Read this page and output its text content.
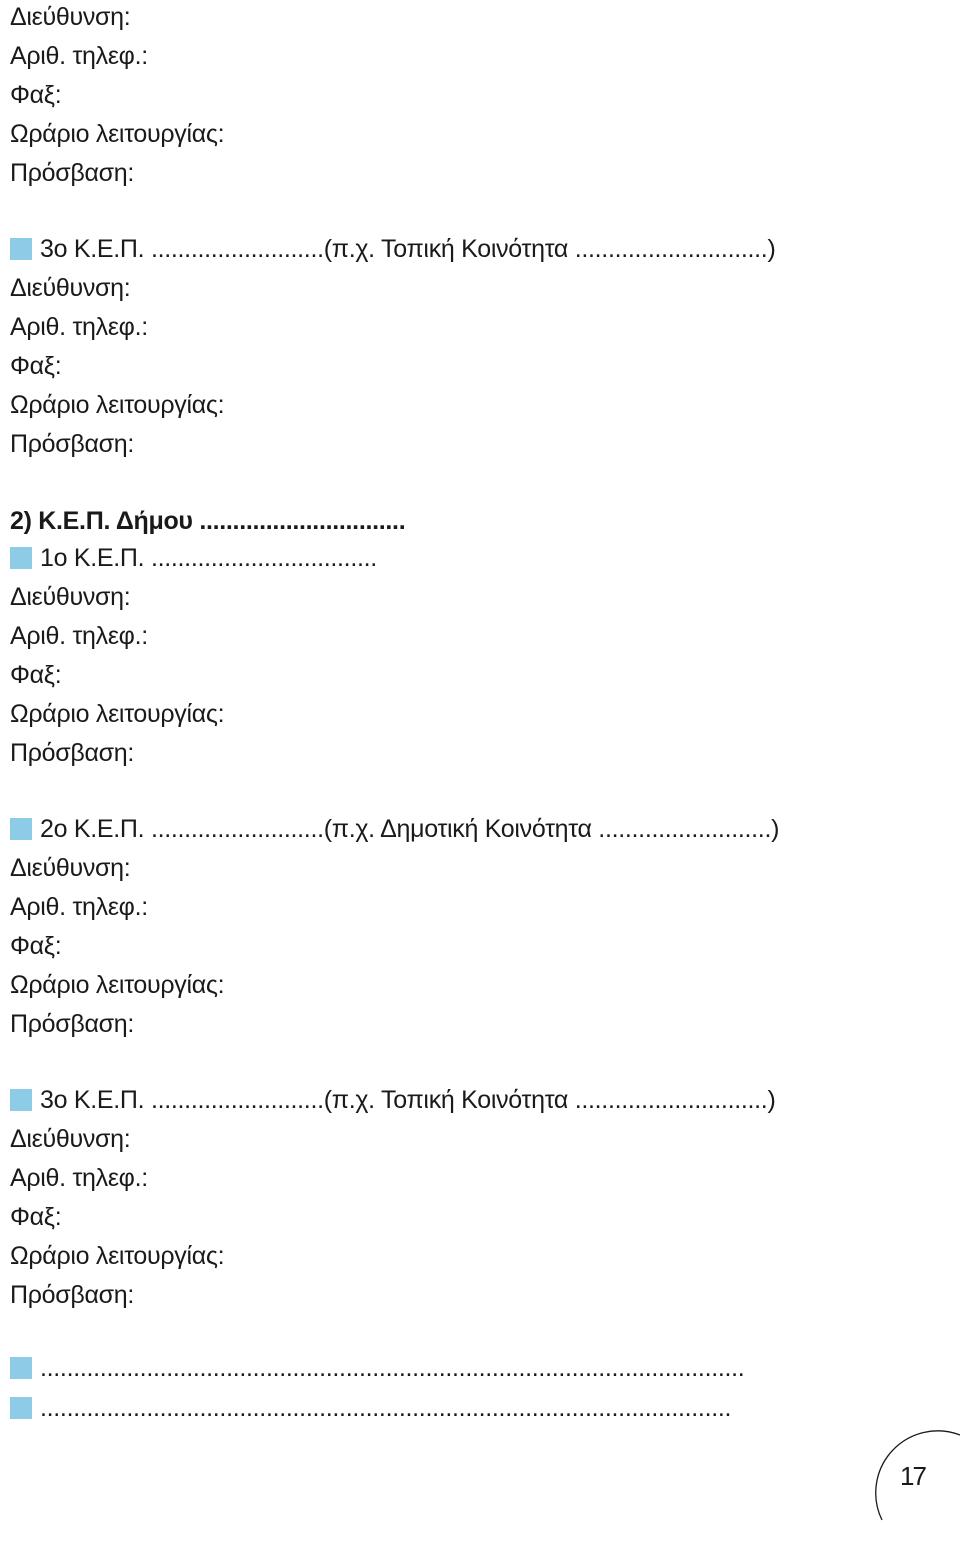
Διεύθυνση:
Αριθ. τηλεφ.:
Φαξ:
Ωράριο λειτουργίας:
Πρόσβαση:
3ο Κ.Ε.Π. ..........................(π.χ. Τοπική Κοινότητα .............................)
Διεύθυνση:
Αριθ. τηλεφ.:
Φαξ:
Ωράριο λειτουργίας:
Πρόσβαση:
2) Κ.Ε.Π. Δήμου ...............................
1ο Κ.Ε.Π. ..................................
Διεύθυνση:
Αριθ. τηλεφ.:
Φαξ:
Ωράριο λειτουργίας:
Πρόσβαση:
2ο Κ.Ε.Π. ..........................(π.χ. Δημοτική Κοινότητα ..........................)
Διεύθυνση:
Αριθ. τηλεφ.:
Φαξ:
Ωράριο λειτουργίας:
Πρόσβαση:
3ο Κ.Ε.Π. ..........................(π.χ. Τοπική Κοινότητα .............................)
Διεύθυνση:
Αριθ. τηλεφ.:
Φαξ:
Ωράριο λειτουργίας:
Πρόσβαση:
..........................................................................................................
........................................................................................................
17
